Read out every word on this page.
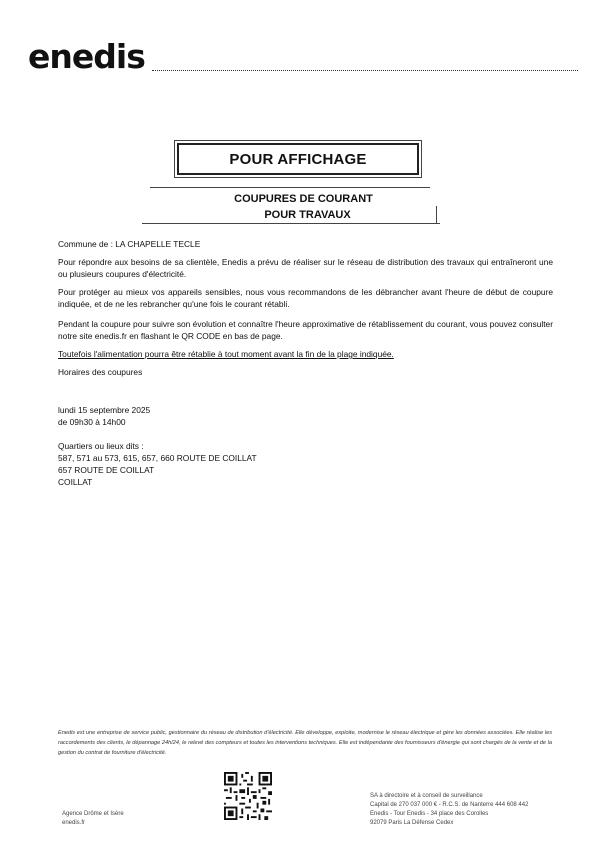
enedis
POUR AFFICHAGE
COUPURES DE COURANT
POUR TRAVAUX
Commune de : LA CHAPELLE TECLE
Pour répondre aux besoins de sa clientèle, Enedis a prévu de réaliser sur le réseau de distribution des travaux qui entraîneront une ou plusieurs coupures d'électricité.
Pour protéger au mieux vos appareils sensibles, nous vous recommandons de les débrancher avant l'heure de début de coupure indiquée, et de ne les rebrancher qu'une fois le courant rétabli.
Pendant la coupure pour suivre son évolution et connaître l'heure approximative de rétablissement du courant, vous pouvez consulter notre site enedis.fr en flashant le QR CODE en bas de page.
Toutefois l'alimentation pourra être rétablie à tout moment avant la fin de la plage indiquée.
Horaires des coupures
lundi 15 septembre 2025
de 09h30 à 14h00
Quartiers ou lieux dits :
587, 571 au 573, 615, 657, 660 ROUTE DE COILLAT
657 ROUTE DE COILLAT
COILLAT
Enedis est une entreprise de service public, gestionnaire du réseau de distribution d'électricité. Elle développe, exploite, modernise le réseau électrique et gère les données associées. Elle réalise les raccordements des clients, le dépannage 24h/24, le relevé des compteurs et toutes les interventions techniques. Elle est indépendante des fournisseurs d'énergie qui sont chargés de la vente et de la gestion du contrat de fourniture d'électricité.
Agence Drôme et Isère
enedis.fr
SA à directoire et à conseil de surveillance
Capital de 270 037 000 € - R.C.S. de Nanterre 444 608 442
Enedis - Tour Enedis - 34 place des Corolles
92079 Paris La Défense Cedex
